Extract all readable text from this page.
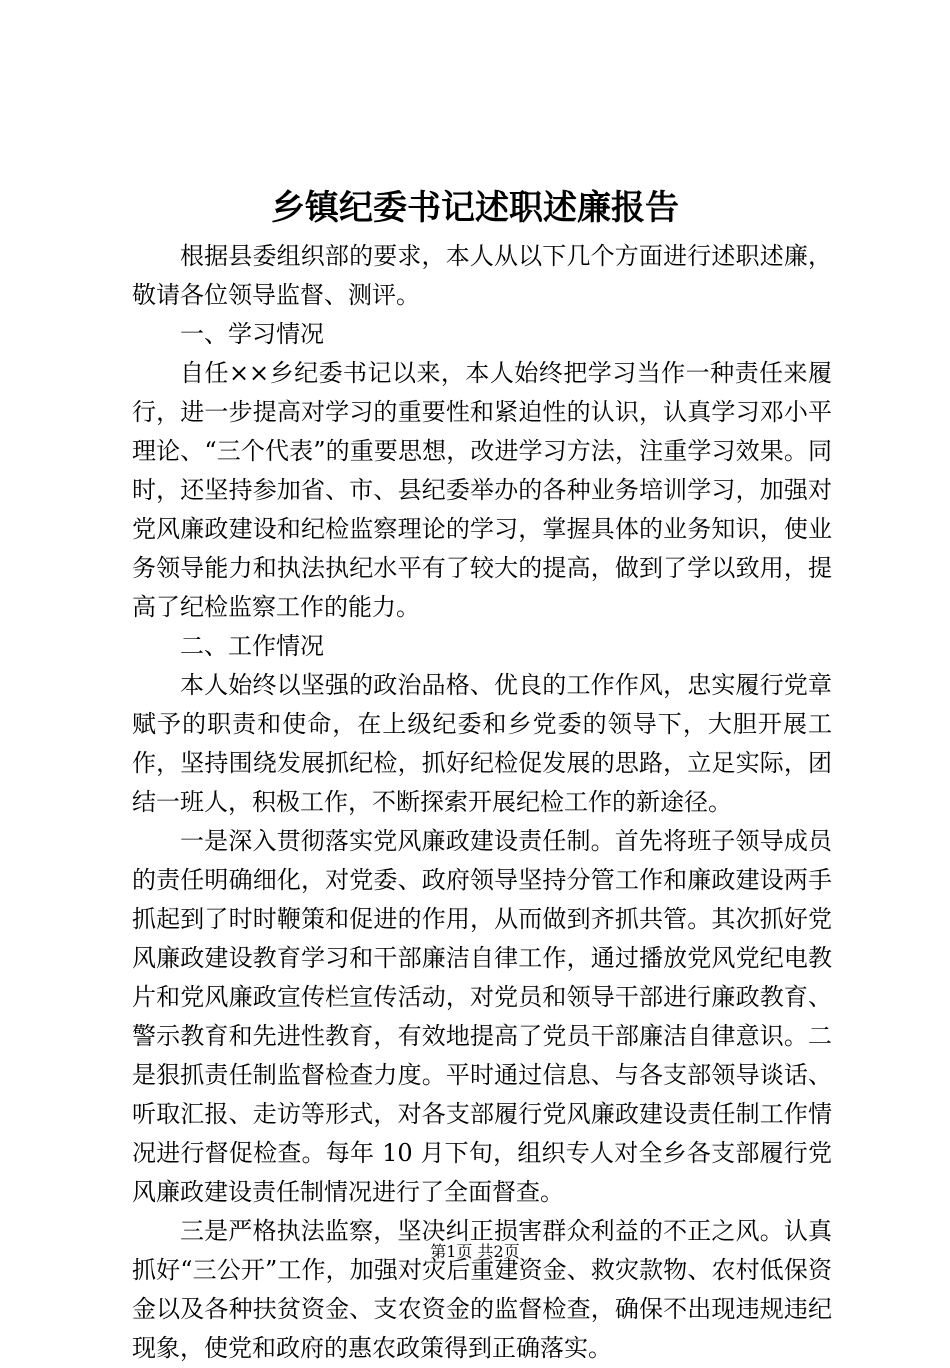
乡镇纪委书记述职述廉报告

根据县委组织部的要求，本人从以下几个方面进行述职述廉，敬请各位领导监督、测评。

一、学习情况

自任××乡纪委书记以来，本人始终把学习当作一种责任来履行，进一步提高对学习的重要性和紧迫性的认识，认真学习邓小平理论、“三个代表”的重要思想，改进学习方法，注重学习效果。同时，还坚持参加省、市、县纪委举办的各种业务培训学习，加强对党风廉政建设和纪检监察理论的学习，掌握具体的业务知识，使业务领导能力和执法执纪水平有了较大的提高，做到了学以致用，提高了纪检监察工作的能力。

二、工作情况

本人始终以坚强的政治品格、优良的工作作风，忠实履行党章赋予的职责和使命，在上级纪委和乡党委的领导下，大胆开展工作，坚持围绕发展抓纪检，抓好纪检促发展的思路，立足实际，团结一班人，积极工作，不断探索开展纪检工作的新途径。

一是深入贯彻落实党风廉政建设责任制。首先将班子领导成员的责任明确细化，对党委、政府领导坚持分管工作和廉政建设两手抓起到了时时鞭策和促进的作用，从而做到齐抓共管。其次抓好党风廉政建设教育学习和干部廉洁自律工作，通过播放党风党纪电教片和党风廉政宣传栏宣传活动，对党员和领导干部进行廉政教育、警示教育和先进性教育，有效地提高了党员干部廉洁自律意识。二是狠抓责任制监督检查力度。平时通过信息、与各支部领导谈话、听取汇报、走访等形式，对各支部履行党风廉政建设责任制工作情况进行督促检查。每年 10 月下旬，组织专人对全乡各支部履行党风廉政建设责任制情况进行了全面督查。

三是严格执法监察，坚决纠正损害群众利益的不正之风。认真抓好“三公开”工作，加强对灾后重建资金、救灾款物、农村低保资金以及各种扶贫资金、支农资金的监督检查，确保不出现违规违纪现象，使党和政府的惠农政策得到正确落实。

第1页 共2页
